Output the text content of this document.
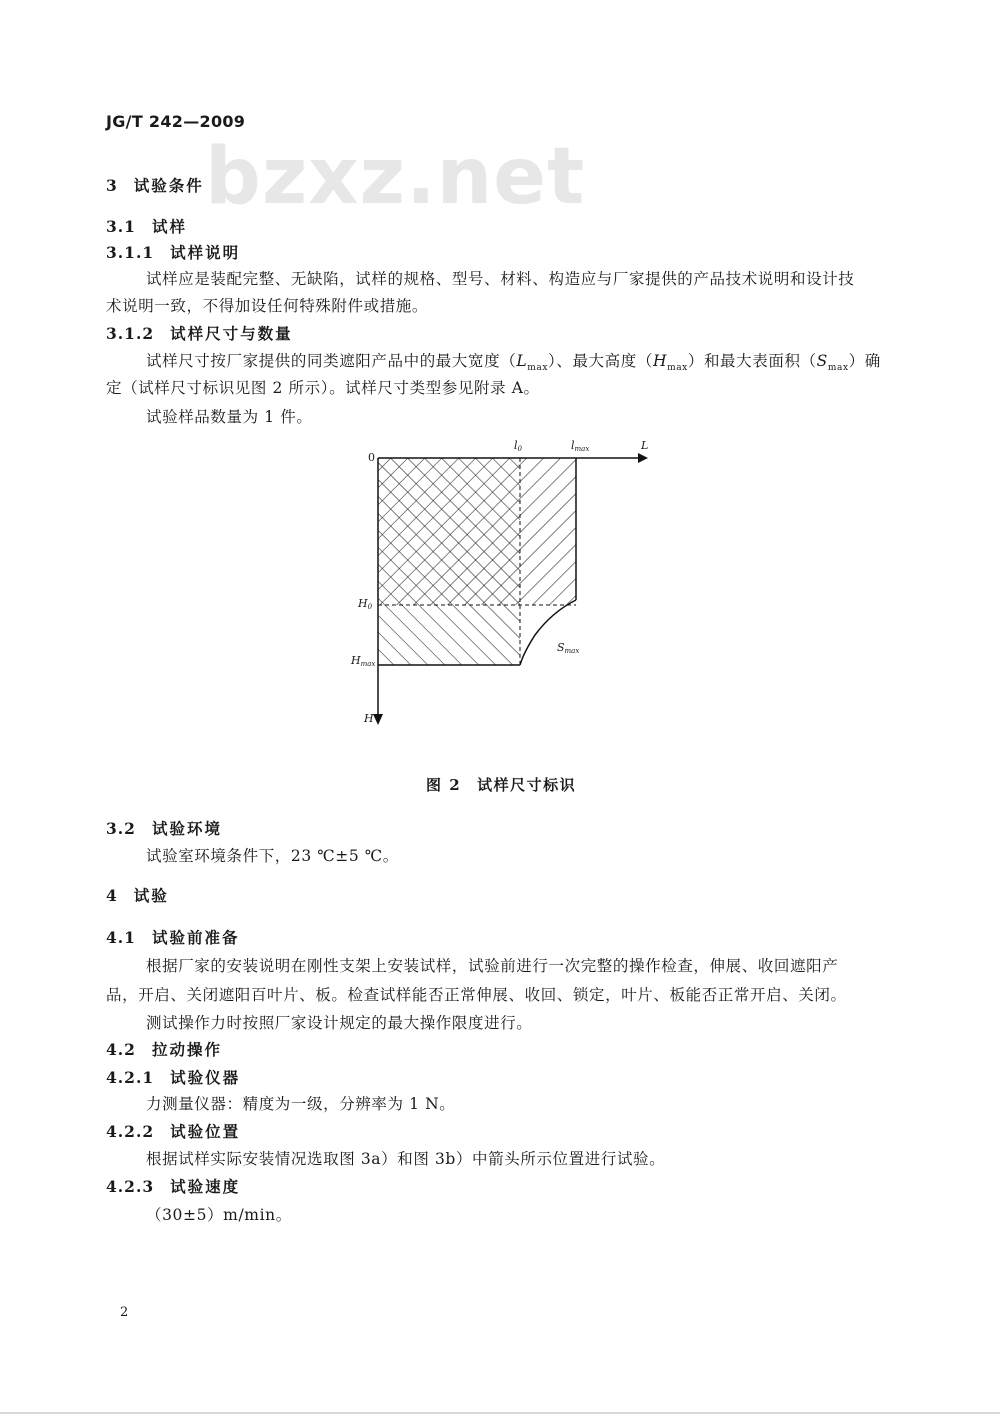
JG/T 242—2009
bzxz.net
3 试验条件
3.1 试样
3.1.1 试样说明
试样应是装配完整、无缺陷，试样的规格、型号、材料、构造应与厂家提供的产品技术说明和设计技
术说明一致，不得加设任何特殊附件或措施。
3.1.2 试样尺寸与数量
试样尺寸按厂家提供的同类遮阳产品中的最大宽度$(L_{max})$、最大高度$(H_{max})$和最大表面积$(S_{max})$确
定（试样尺寸标识见图 2 所示）。试样尺寸类型参见附录 A。
试验样品数量为 1 件。
0
l0	lmax	L
H0
Hmax
H
Smax
图 2 试样尺寸标识
3.2 试验环境
试验室环境条件下，23 ℃±5 ℃。
4 试验
4.1 试验前准备
根据厂家的安装说明在刚性支架上安装试样，试验前进行一次完整的操作检查，伸展、收回遮阳产
品，开启、关闭遮阳百叶片、板。检查试样能否正常伸展、收回、锁定，叶片、板能否正常开启、关闭。
测试操作力时按照厂家设计规定的最大操作限度进行。
4.2 拉动操作
4.2.1 试验仪器
力测量仪器：精度为一级，分辨率为 1 N。
4.2.2 试验位置
根据试样实际安装情况选取图 3a）和图 3b）中箭头所示位置进行试验。
4.2.3 试验速度
（30±5）m/min。
2
